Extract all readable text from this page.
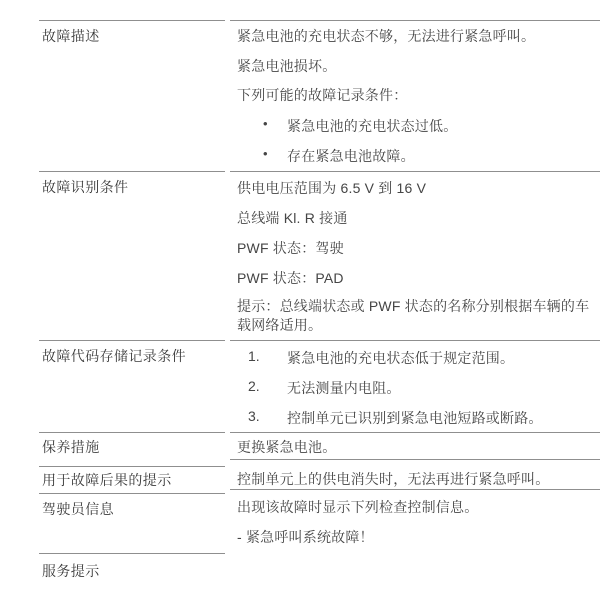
故障描述	紧急电池的充电状态不够，无法进行紧急呼叫。
紧急电池损坏。
下列可能的故障记录条件：
• 紧急电池的充电状态过低。
• 存在紧急电池故障。
故障识别条件	供电电压范围为 6.5 V 到 16 V
总线端 Kl. R 接通
PWF 状态：驾驶
PWF 状态：PAD
提示：总线端状态或 PWF 状态的名称分别根据车辆的车
载网络适用。
故障代码存储记录条件	1. 紧急电池的充电状态低于规定范围。
2. 无法测量内电阻。
3. 控制单元已识别到紧急电池短路或断路。
保养措施	更换紧急电池。
用于故障后果的提示	控制单元上的供电消失时，无法再进行紧急呼叫。
驾驶员信息	出现该故障时显示下列检查控制信息。
- 紧急呼叫系统故障！
服务提示
